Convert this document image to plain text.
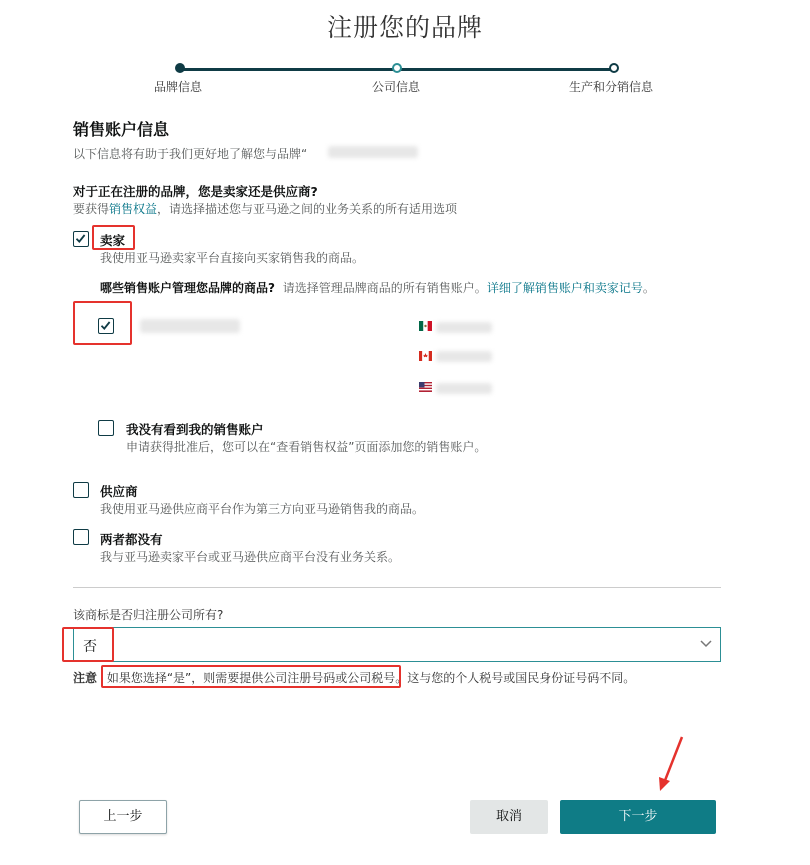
注册您的品牌
品牌信息	公司信息	生产和分销信息
销售账户信息
以下信息将有助于我们更好地了解您与品牌“
对于正在注册的品牌，您是卖家还是供应商?
要获得销售权益，请选择描述您与亚马逊之间的业务关系的所有适用选项
卖家
我使用亚马逊卖家平台直接向买家销售我的商品。
哪些销售账户管理您品牌的商品? 请选择管理品牌商品的所有销售账户。详细了解销售账户和卖家记号。
我没有看到我的销售账户
申请获得批准后，您可以在“查看销售权益”页面添加您的销售账户。
供应商
我使用亚马逊供应商平台作为第三方向亚马逊销售我的商品。
两者都没有
我与亚马逊卖家平台或亚马逊供应商平台没有业务关系。
该商标是否归注册公司所有?
否
注意 如果您选择“是”，则需要提供公司注册号码或公司税号。这与您的个人税号或国民身份证号码不同。
上一步	取消	下一步
